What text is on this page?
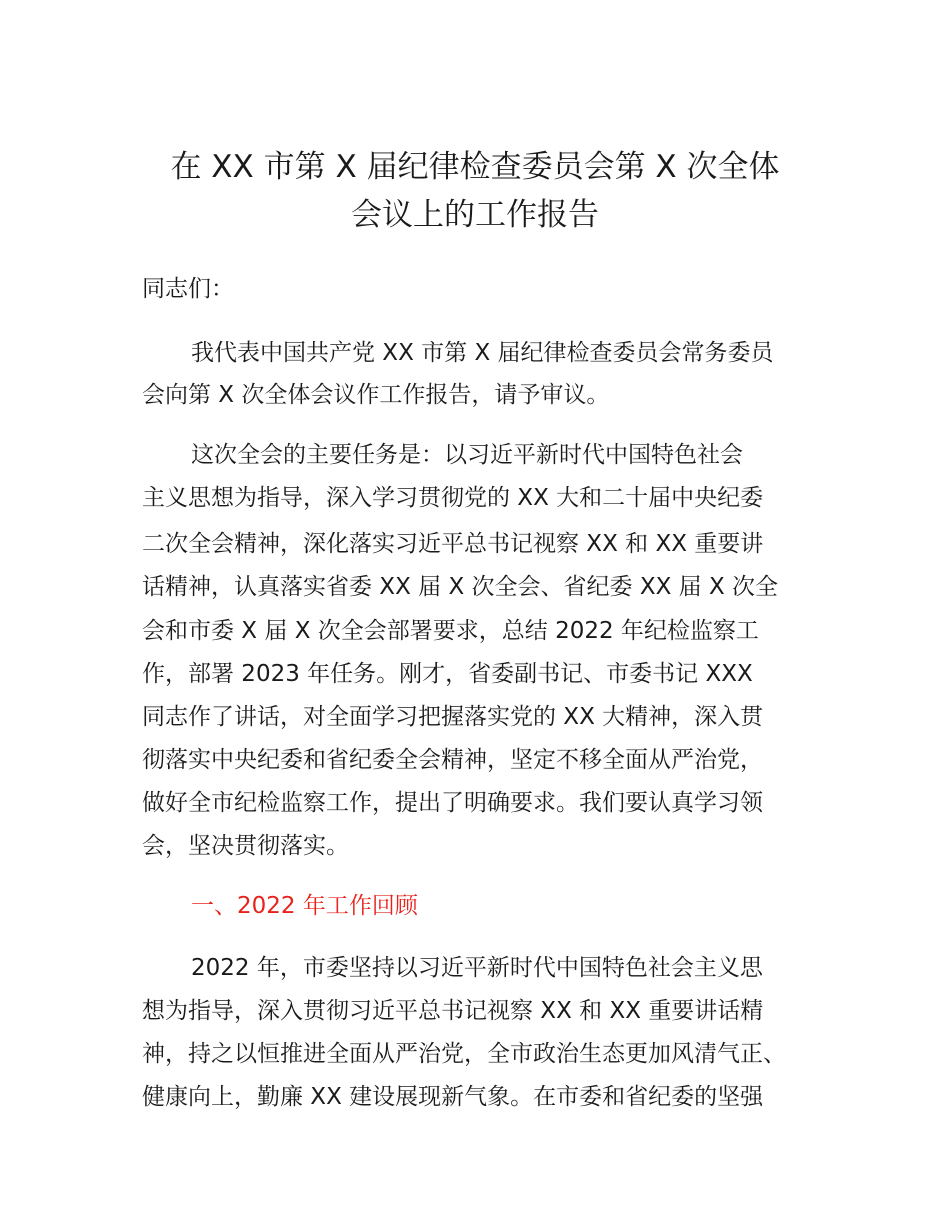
在 XX 市第 X 届纪律检查委员会第 X 次全体
会议上的工作报告

同志们：

我代表中国共产党 XX 市第 X 届纪律检查委员会常务委员

会向第 X 次全体会议作工作报告，请予审议。

这次全会的主要任务是：以习近平新时代中国特色社会

主义思想为指导，深入学习贯彻党的 XX 大和二十届中央纪委

二次全会精神，深化落实习近平总书记视察 XX 和 XX 重要讲

话精神，认真落实省委 XX 届 X 次全会、省纪委 XX 届 X 次全

会和市委 X 届 X 次全会部署要求，总结 2022 年纪检监察工

作，部署 2023 年任务。刚才，省委副书记、市委书记 XXX

同志作了讲话，对全面学习把握落实党的 XX 大精神，深入贯

彻落实中央纪委和省纪委全会精神，坚定不移全面从严治党，

做好全市纪检监察工作，提出了明确要求。我们要认真学习领

会，坚决贯彻落实。

一、2022 年工作回顾

2022 年，市委坚持以习近平新时代中国特色社会主义思

想为指导，深入贯彻习近平总书记视察 XX 和 XX 重要讲话精

神，持之以恒推进全面从严治党，全市政治生态更加风清气正、

健康向上，勤廉 XX 建设展现新气象。在市委和省纪委的坚强
